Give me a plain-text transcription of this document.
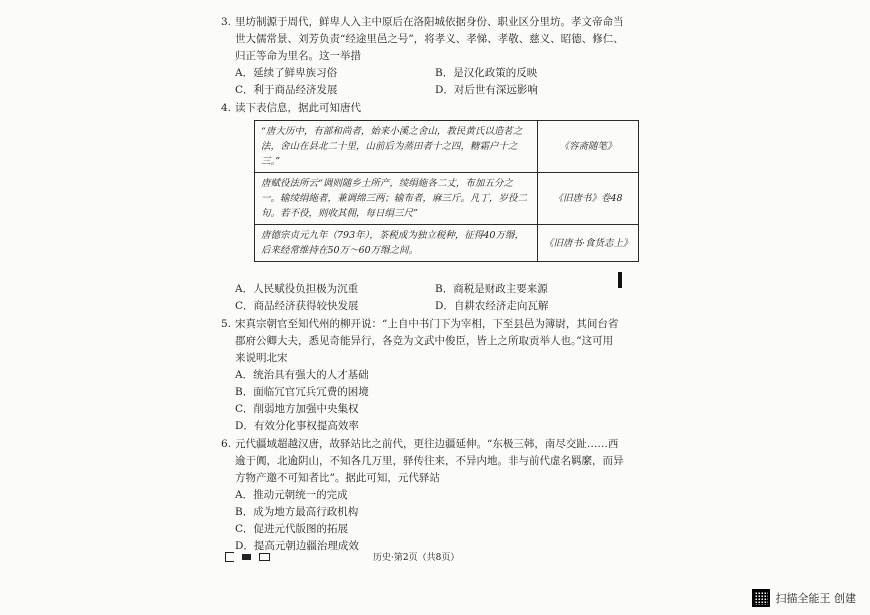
3. 里坊制源于周代，鲜卑人入主中原后在洛阳城依据身份、职业区分里坊。孝文帝命当

世大儒常景、刘芳负责“经途里邑之号”，将孝义、孝悌、孝敬、慈义、昭德、修仁、

归正等命为里名。这一举措

A．延续了鲜卑族习俗	B．是汉化政策的反映
C．利于商品经济发展	D．对后世有深远影响

4. 读下表信息，据此可知唐代

“唐大历中，有部和尚者，始来小溪之舍山，教民黄氏以造茗之法，舍山在县北二十里，山前后为蒸田者十之四，糖霜户十之三。”	《容斋随笔》
唐赋役法所云“调则随乡土所产，绫绢絁各二丈，布加五分之一。输绫绢絁者，兼调绵三两；输布者，麻三斤。凡丁，岁役二旬。若不役，则收其佣，每日绢三尺”	《旧唐书》卷48
唐德宗贞元九年（793年），茶税成为独立税种，征得40万缗，后来经常维持在50万～60万缗之间。	《旧唐书·食货志上》
A．人民赋役负担极为沉重	B．商税是财政主要来源
C．商品经济获得较快发展	D．自耕农经济走向瓦解

5. 宋真宗朝官至知代州的柳开说：“上自中书门下为宰相，下至县邑为簿尉，其间台省

郡府公卿大夫，悉见奇能异行，各竞为文武中俊臣，皆上之所取贡举人也。”这可用

来说明北宋

A．统治具有强大的人才基础
B．面临冗官冗兵冗费的困境
C．削弱地方加强中央集权
D．有效分化事权提高效率

6. 元代疆域超越汉唐，故驿站比之前代，更往边疆延伸。“东极三韩，南尽交趾……西

逾于阗，北逾阴山，不知各几万里，驿传往来，不异内地。非与前代虚名羁縻，而异

方物产邀不可知者比”。据此可知，元代驿站

A．推动元朝统一的完成
B．成为地方最高行政机构
C．促进元代版图的拓展
D．提高元朝边疆治理成效
历史·第2页（共8页）
扫描全能王 创建
